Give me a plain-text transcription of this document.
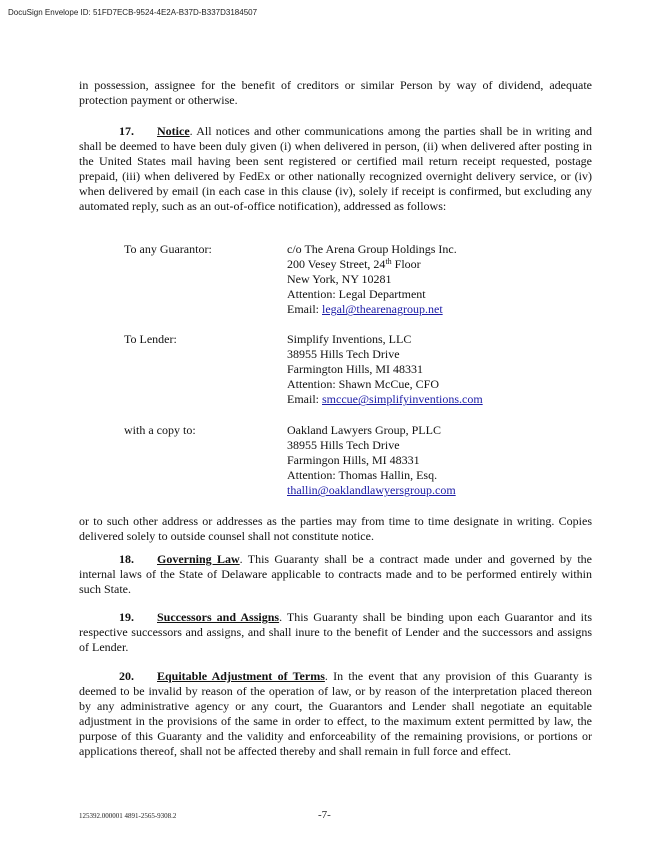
DocuSign Envelope ID: 51FD7ECB-9524-4E2A-B37D-B337D3184507

in possession, assignee for the benefit of creditors or similar Person by way of dividend, adequate protection payment or otherwise.

17. Notice. All notices and other communications among the parties shall be in writing and shall be deemed to have been duly given (i) when delivered in person, (ii) when delivered after posting in the United States mail having been sent registered or certified mail return receipt requested, postage prepaid, (iii) when delivered by FedEx or other nationally recognized overnight delivery service, or (iv) when delivered by email (in each case in this clause (iv), solely if receipt is confirmed, but excluding any automated reply, such as an out-of-office notification), addressed as follows:

To any Guarantor:	c/o The Arena Group Holdings Inc.
200 Vesey Street, 24th Floor
New York, NY 10281
Attention: Legal Department
Email: legal@thearenagroup.net
To Lender:	Simplify Inventions, LLC
38955 Hills Tech Drive
Farmington Hills, MI 48331
Attention: Shawn McCue, CFO
Email: smccue@simplifyinventions.com
with a copy to:	Oakland Lawyers Group, PLLC
38955 Hills Tech Drive
Farmingon Hills, MI 48331
Attention: Thomas Hallin, Esq.
thallin@oaklandlawyersgroup.com

or to such other address or addresses as the parties may from time to time designate in writing. Copies delivered solely to outside counsel shall not constitute notice.

18. Governing Law. This Guaranty shall be a contract made under and governed by the internal laws of the State of Delaware applicable to contracts made and to be performed entirely within such State.

19. Successors and Assigns. This Guaranty shall be binding upon each Guarantor and its respective successors and assigns, and shall inure to the benefit of Lender and the successors and assigns of Lender.

20. Equitable Adjustment of Terms. In the event that any provision of this Guaranty is deemed to be invalid by reason of the operation of law, or by reason of the interpretation placed thereon by any administrative agency or any court, the Guarantors and Lender shall negotiate an equitable adjustment in the provisions of the same in order to effect, to the maximum extent permitted by law, the purpose of this Guaranty and the validity and enforceability of the remaining provisions, or portions or applications thereof, shall not be affected thereby and shall remain in full force and effect.

125392.000001 4891-2565-9308.2	-7-
